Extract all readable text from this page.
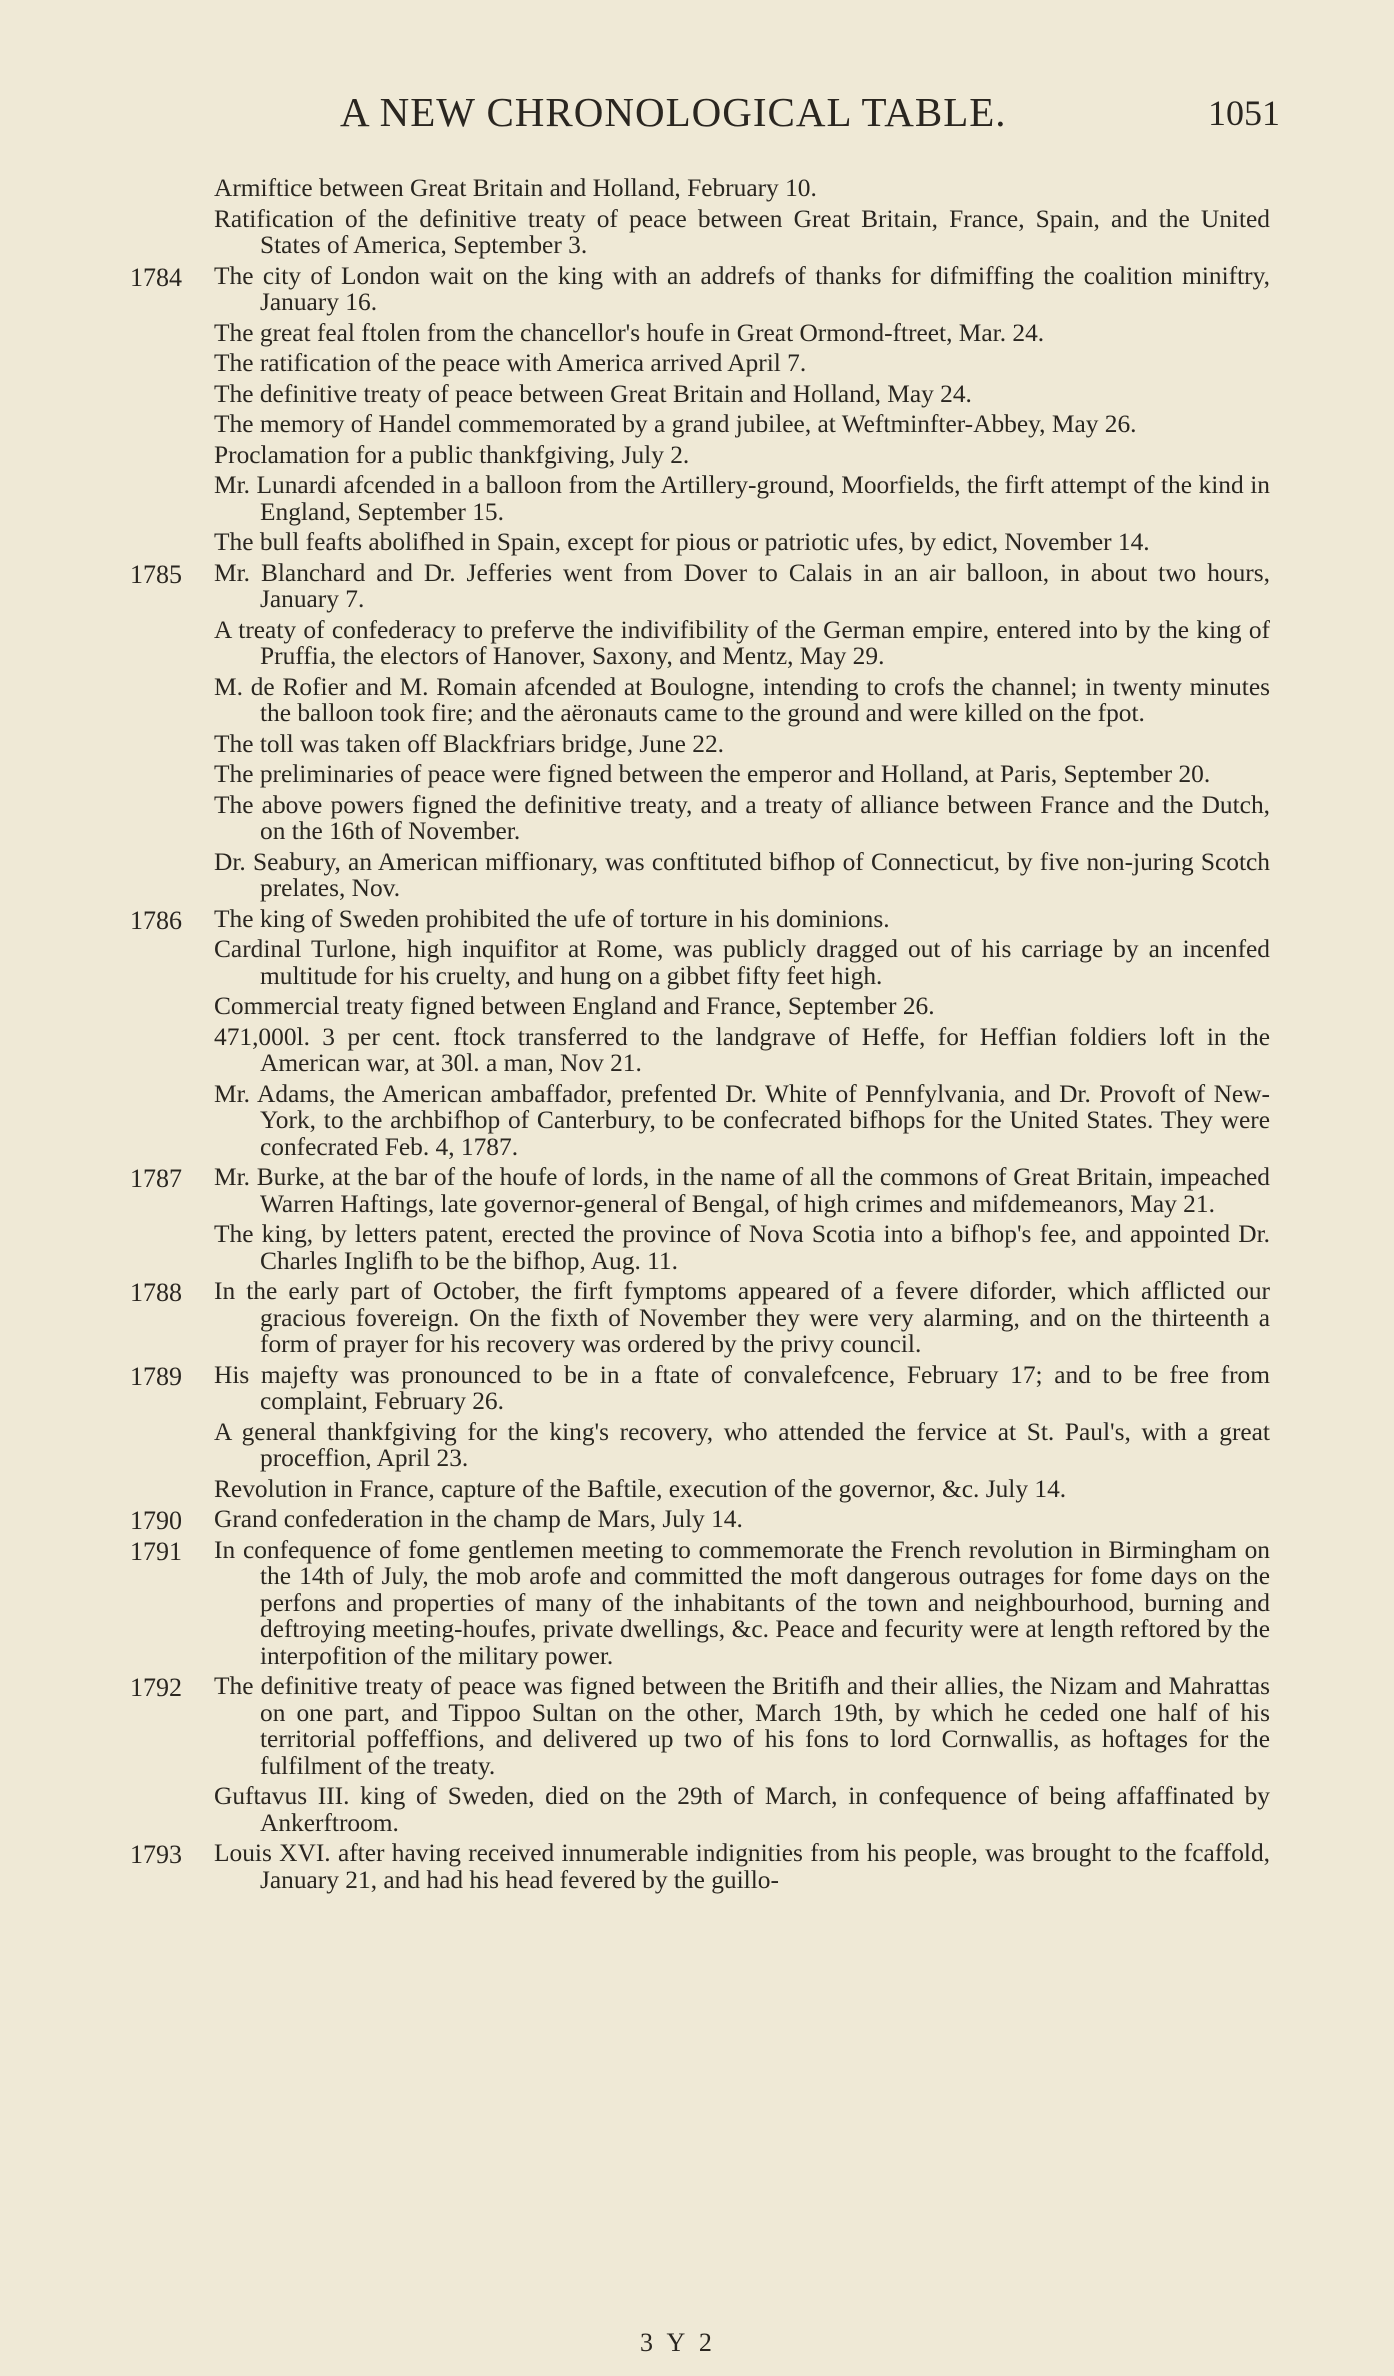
A NEW CHRONOLOGICAL TABLE.	1051
Armiftice between Great Britain and Holland, February 10.
Ratification of the definitive treaty of peace between Great Britain, France, Spain, and the United States of America, September 3.
1784	The city of London wait on the king with an addrefs of thanks for difmiffing the coalition miniftry, January 16.
The great feal ftolen from the chancellor's houfe in Great Ormond-ftreet, Mar. 24.
The ratification of the peace with America arrived April 7.
The definitive treaty of peace between Great Britain and Holland, May 24.
The memory of Handel commemorated by a grand jubilee, at Weftminfter-Abbey, May 26.
Proclamation for a public thankfgiving, July 2.
Mr. Lunardi afcended in a balloon from the Artillery-ground, Moorfields, the firft attempt of the kind in England, September 15.
The bull feafts abolifhed in Spain, except for pious or patriotic ufes, by edict, November 14.
1785	Mr. Blanchard and Dr. Jefferies went from Dover to Calais in an air balloon, in about two hours, January 7.
A treaty of confederacy to preferve the indivifibility of the German empire, entered into by the king of Pruffia, the electors of Hanover, Saxony, and Mentz, May 29.
M. de Rofier and M. Romain afcended at Boulogne, intending to crofs the channel; in twenty minutes the balloon took fire; and the aëronauts came to the ground and were killed on the fpot.
The toll was taken off Blackfriars bridge, June 22.
The preliminaries of peace were figned between the emperor and Holland, at Paris, September 20.
The above powers figned the definitive treaty, and a treaty of alliance between France and the Dutch, on the 16th of November.
Dr. Seabury, an American miffionary, was conftituted bifhop of Connecticut, by five non-juring Scotch prelates, Nov.
1786	The king of Sweden prohibited the ufe of torture in his dominions.
Cardinal Turlone, high inquifitor at Rome, was publicly dragged out of his carriage by an incenfed multitude for his cruelty, and hung on a gibbet fifty feet high.
Commercial treaty figned between England and France, September 26.
471,000l. 3 per cent. ftock transferred to the landgrave of Heffe, for Heffian foldiers loft in the American war, at 30l. a man, Nov 21.
Mr. Adams, the American ambaffador, prefented Dr. White of Pennfylvania, and Dr. Provoft of New-York, to the archbifhop of Canterbury, to be confecrated bifhops for the United States. They were confecrated Feb. 4, 1787.
1787	Mr. Burke, at the bar of the houfe of lords, in the name of all the commons of Great Britain, impeached Warren Haftings, late governor-general of Bengal, of high crimes and mifdemeanors, May 21.
The king, by letters patent, erected the province of Nova Scotia into a bifhop's fee, and appointed Dr. Charles Inglifh to be the bifhop, Aug. 11.
1788	In the early part of October, the firft fymptoms appeared of a fevere diforder, which afflicted our gracious fovereign. On the fixth of November they were very alarming, and on the thirteenth a form of prayer for his recovery was ordered by the privy council.
1789	His majefty was pronounced to be in a ftate of convalefcence, February 17; and to be free from complaint, February 26.
A general thankfgiving for the king's recovery, who attended the fervice at St. Paul's, with a great proceffion, April 23.
Revolution in France, capture of the Baftile, execution of the governor, &c. July 14.
1790	Grand confederation in the champ de Mars, July 14.
1791	In confequence of fome gentlemen meeting to commemorate the French revolution in Birmingham on the 14th of July, the mob arofe and committed the moft dangerous outrages for fome days on the perfons and properties of many of the inhabitants of the town and neighbourhood, burning and deftroying meeting-houfes, private dwellings, &c. Peace and fecurity were at length reftored by the interpofition of the military power.
1792	The definitive treaty of peace was figned between the Britifh and their allies, the Nizam and Mahrattas on one part, and Tippoo Sultan on the other, March 19th, by which he ceded one half of his territorial poffeffions, and delivered up two of his fons to lord Cornwallis, as hoftages for the fulfilment of the treaty.
Guftavus III. king of Sweden, died on the 29th of March, in confequence of being affaffinated by Ankerftroom.
1793	Louis XVI. after having received innumerable indignities from his people, was brought to the fcaffold, January 21, and had his head fevered by the guillo-
3 Y 2
